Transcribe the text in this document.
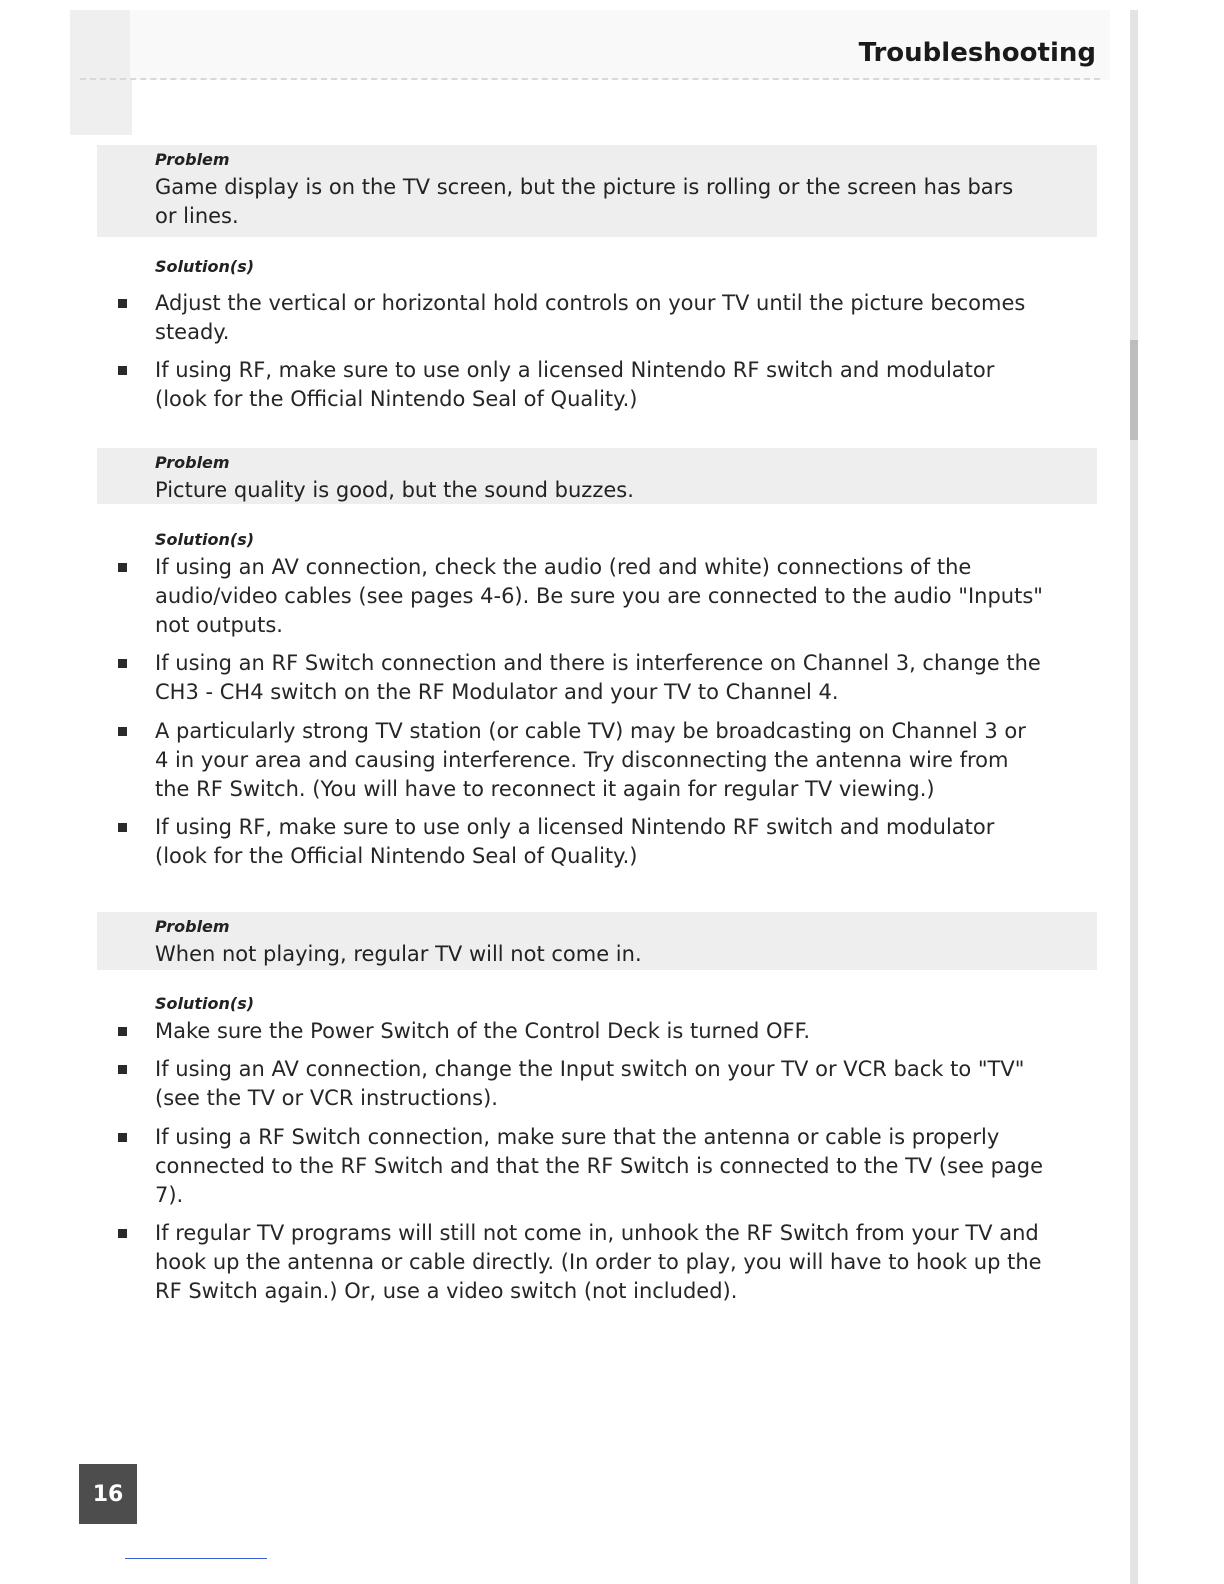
Troubleshooting
Problem
Game display is on the TV screen, but the picture is rolling or the screen has bars or lines.
Solution(s)
Adjust the vertical or horizontal hold controls on your TV until the picture becomes steady.
If using RF, make sure to use only a licensed Nintendo RF switch and modulator (look for the Official Nintendo Seal of Quality.)
Problem
Picture quality is good, but the sound buzzes.
Solution(s)
If using an AV connection, check the audio (red and white) connections of the audio/video cables (see pages 4-6). Be sure you are connected to the audio "Inputs" not outputs.
If using an RF Switch connection and there is interference on Channel 3, change the CH3 - CH4 switch on the RF Modulator and your TV to Channel 4.
A particularly strong TV station (or cable TV) may be broadcasting on Channel 3 or 4 in your area and causing interference. Try disconnecting the antenna wire from the RF Switch. (You will have to reconnect it again for regular TV viewing.)
If using RF, make sure to use only a licensed Nintendo RF switch and modulator (look for the Official Nintendo Seal of Quality.)
Problem
When not playing, regular TV will not come in.
Solution(s)
Make sure the Power Switch of the Control Deck is turned OFF.
If using an AV connection, change the Input switch on your TV or VCR back to "TV" (see the TV or VCR instructions).
If using a RF Switch connection, make sure that the antenna or cable is properly connected to the RF Switch and that the RF Switch is connected to the TV (see page 7).
If regular TV programs will still not come in, unhook the RF Switch from your TV and hook up the antenna or cable directly. (In order to play, you will have to hook up the RF Switch again.) Or, use a video switch (not included).
16
